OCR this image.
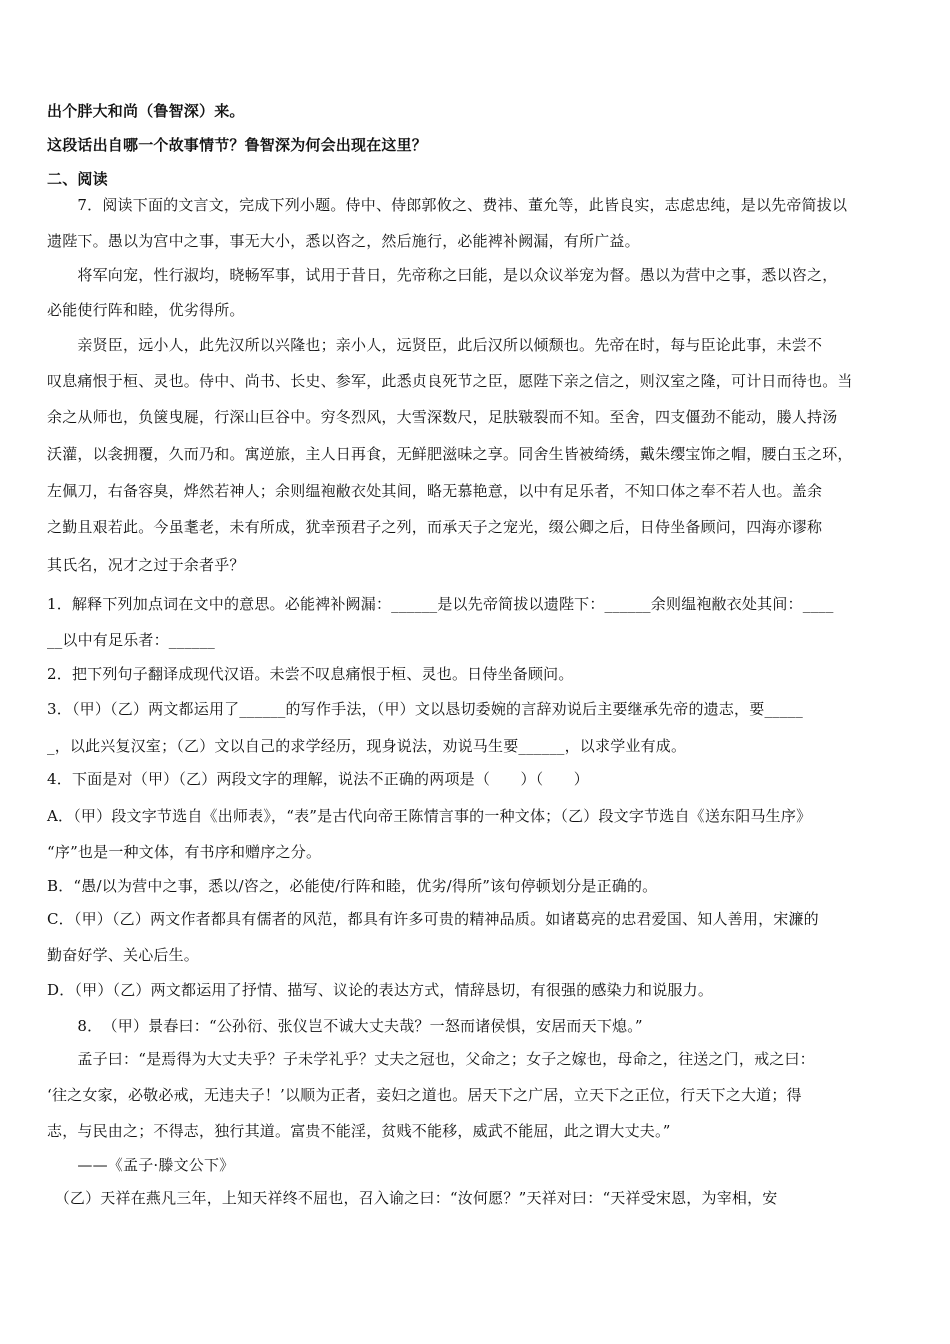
出个胖大和尚（鲁智深）来。
这段话出自哪一个故事情节？鲁智深为何会出现在这里？
二、阅读
　　7．阅读下面的文言文，完成下列小题。侍中、侍郎郭攸之、费祎、董允等，此皆良实，志虑忠纯，是以先帝简拔以
遗陛下。愚以为宫中之事，事无大小，悉以咨之，然后施行，必能裨补阙漏，有所广益。
　　将军向宠，性行淑均，晓畅军事，试用于昔日，先帝称之曰能，是以众议举宠为督。愚以为营中之事，悉以咨之，
必能使行阵和睦，优劣得所。
　　亲贤臣，远小人，此先汉所以兴隆也；亲小人，远贤臣，此后汉所以倾颓也。先帝在时，每与臣论此事，未尝不
叹息痛恨于桓、灵也。侍中、尚书、长史、参军，此悉贞良死节之臣，愿陛下亲之信之，则汉室之隆，可计日而待也。当
余之从师也，负箧曳屣，行深山巨谷中。穷冬烈风，大雪深数尺，足肤皲裂而不知。至舍，四支僵劲不能动，媵人持汤
沃灌，以衾拥覆，久而乃和。寓逆旅，主人日再食，无鲜肥滋味之享。同舍生皆被绮绣，戴朱缨宝饰之帽，腰白玉之环，
左佩刀，右备容臭，烨然若神人；余则缊袍敝衣处其间，略无慕艳意，以中有足乐者，不知口体之奉不若人也。盖余
之勤且艰若此。今虽耄老，未有所成，犹幸预君子之列，而承天子之宠光，缀公卿之后，日侍坐备顾问，四海亦谬称
其氏名，况才之过于余者乎？
1．解释下列加点词在文中的意思。必能裨补阙漏：______是以先帝简拔以遗陛下：______余则缊袍敝衣处其间：____
__以中有足乐者：______
2．把下列句子翻译成现代汉语。未尝不叹息痛恨于桓、灵也。日侍坐备顾问。
3．（甲）（乙）两文都运用了______的写作手法，（甲）文以恳切委婉的言辞劝说后主要继承先帝的遗志，要_____
_，以此兴复汉室；（乙）文以自己的求学经历，现身说法，劝说马生要______，以求学业有成。
4．下面是对（甲）（乙）两段文字的理解，说法不正确的两项是（　　）（　　）
A．（甲）段文字节选自《出师表》，“表”是古代向帝王陈情言事的一种文体；（乙）段文字节选自《送东阳马生序》
“序”也是一种文体，有书序和赠序之分。
B．“愚/以为营中之事，悉以/咨之，必能使/行阵和睦，优劣/得所”该句停顿划分是正确的。
C．（甲）（乙）两文作者都具有儒者的风范，都具有许多可贵的精神品质。如诸葛亮的忠君爱国、知人善用，宋濂的
勤奋好学、关心后生。
D．（甲）（乙）两文都运用了抒情、描写、议论的表达方式，情辞恳切，有很强的感染力和说服力。
　　8．　（甲）景春曰：“公孙衍、张仪岂不诚大丈夫哉？一怒而诸侯惧，安居而天下熄。”
　　孟子曰：“是焉得为大丈夫乎？子未学礼乎？丈夫之冠也，父命之；女子之嫁也，母命之，往送之门，戒之曰：
‘往之女家，必敬必戒，无违夫子！’以顺为正者，妾妇之道也。居天下之广居，立天下之正位，行天下之大道；得
志，与民由之；不得志，独行其道。富贵不能淫，贫贱不能移，威武不能屈，此之谓大丈夫。”
　　——《孟子·滕文公下》
　（乙）天祥在燕凡三年，上知天祥终不屈也，召入谕之曰：“汝何愿？”天祥对曰：“天祥受宋恩，为宰相，安
